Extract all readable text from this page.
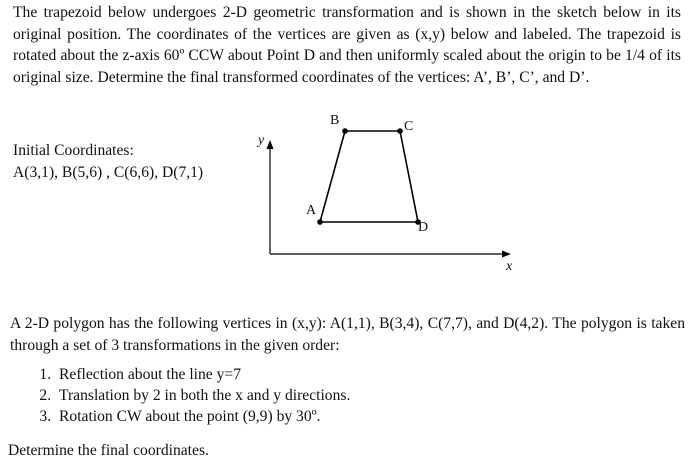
The trapezoid below undergoes 2-D geometric transformation and is shown in the sketch below in its original position. The coordinates of the vertices are given as (x,y) below and labeled. The trapezoid is rotated about the z-axis 60º CCW about Point D and then uniformly scaled about the origin to be 1/4 of its original size. Determine the final transformed coordinates of the vertices: A’, B’, C’, and D’.
Initial Coordinates:
A(3,1), B(5,6) , C(6,6), D(7,1)
y
x
A
B	C
D
A 2-D polygon has the following vertices in (x,y): A(1,1), B(3,4), C(7,7), and D(4,2). The polygon is taken through a set of 3 transformations in the given order:
1. Reflection about the line y=7
2. Translation by 2 in both the x and y directions.
3. Rotation CW about the point (9,9) by 30º.
Determine the final coordinates.
